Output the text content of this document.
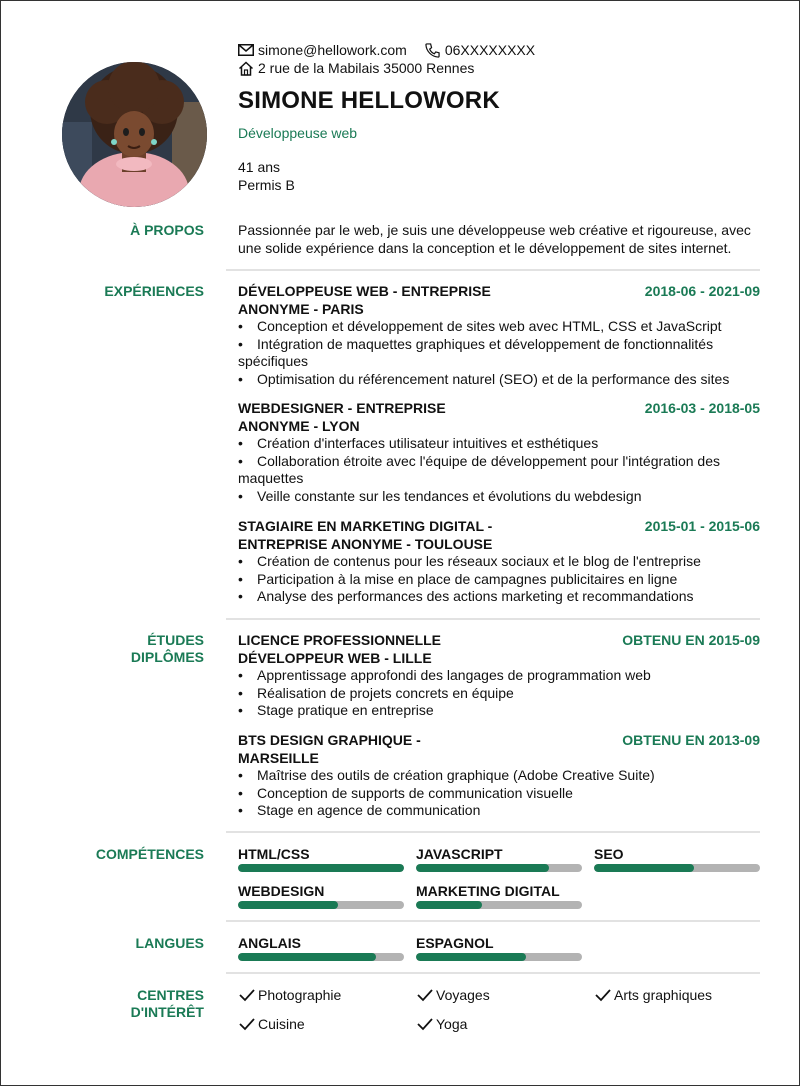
simone@hellowork.com	06XXXXXXXX
2 rue de la Mabilais 35000 Rennes
SIMONE HELLOWORK
Développeuse web
41 ans
Permis B
À PROPOS Passionnée par le web, je suis une développeuse web créative et rigoureuse, avec une solide expérience dans la conception et le développement de sites internet.
EXPÉRIENCES DÉVELOPPEUSE WEB - ENTREPRISE	2018-06 - 2021-09
ANONYME - PARIS
• Conception et développement de sites web avec HTML, CSS et JavaScript
• Intégration de maquettes graphiques et développement de fonctionnalités spécifiques
• Optimisation du référencement naturel (SEO) et de la performance des sites
WEBDESIGNER - ENTREPRISE	2016-03 - 2018-05
ANONYME - LYON
• Création d'interfaces utilisateur intuitives et esthétiques
• Collaboration étroite avec l'équipe de développement pour l'intégration des maquettes
• Veille constante sur les tendances et évolutions du webdesign
STAGIAIRE EN MARKETING DIGITAL -	2015-01 - 2015-06
ENTREPRISE ANONYME - TOULOUSE
• Création de contenus pour les réseaux sociaux et le blog de l'entreprise
• Participation à la mise en place de campagnes publicitaires en ligne
• Analyse des performances des actions marketing et recommandations
ÉTUDES
DIPLÔMES
LICENCE PROFESSIONNELLE	OBTENU EN 2015-09
DÉVELOPPEUR WEB - LILLE
• Apprentissage approfondi des langages de programmation web
• Réalisation de projets concrets en équipe
• Stage pratique en entreprise
BTS DESIGN GRAPHIQUE -	OBTENU EN 2013-09
MARSEILLE
• Maîtrise des outils de création graphique (Adobe Creative Suite)
• Conception de supports de communication visuelle
• Stage en agence de communication
COMPÉTENCES HTML/CSS	JAVASCRIPT	SEO
WEBDESIGN	MARKETING DIGITAL
LANGUES ANGLAIS	ESPAGNOL
CENTRES
D'INTÉRÊT
Photographie	Voyages	Arts graphiques
Cuisine	Yoga
